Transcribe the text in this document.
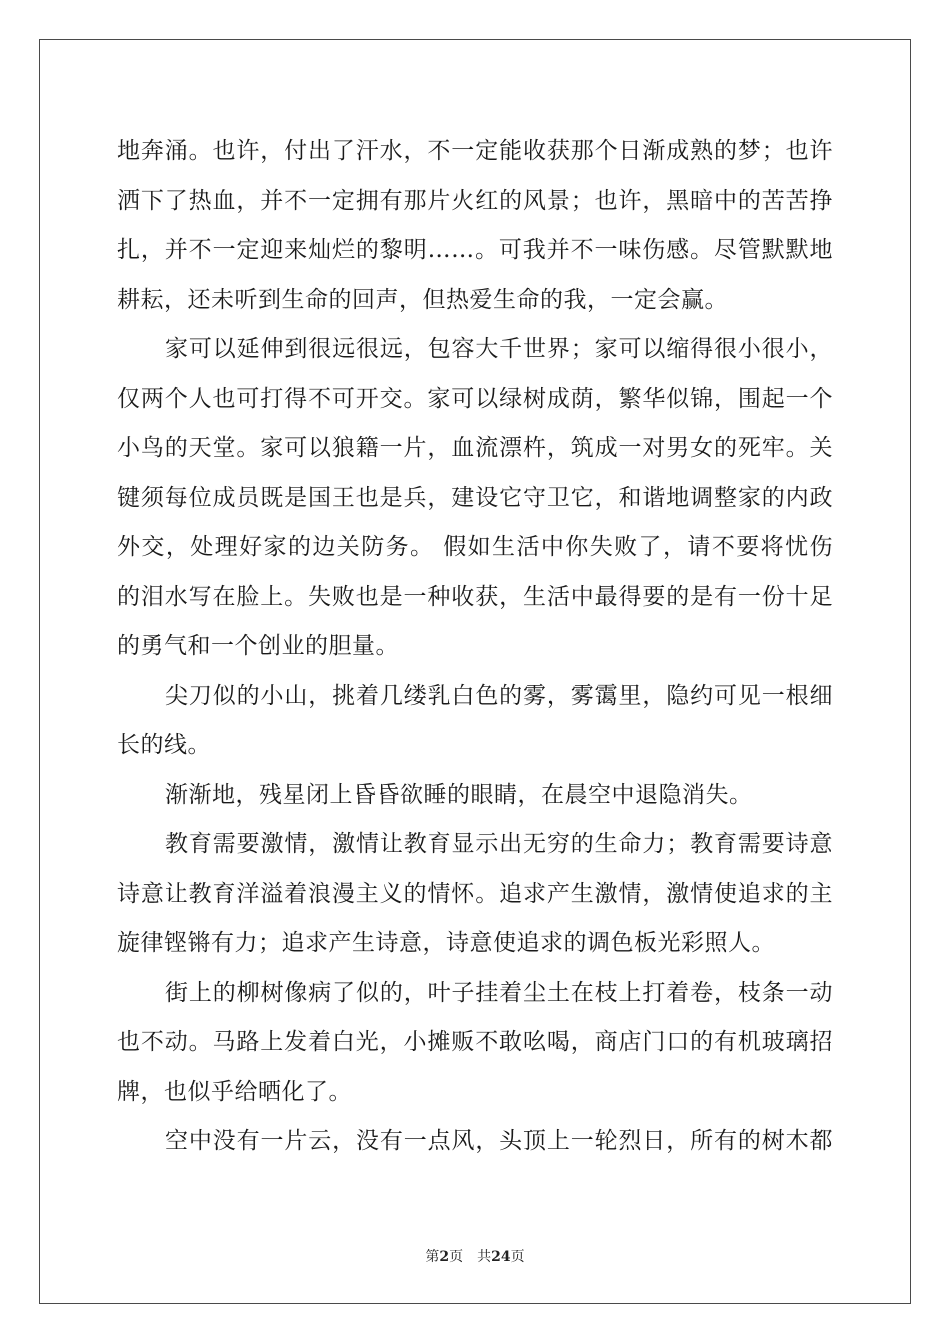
地奔涌。也许，付出了汗水，不一定能收获那个日渐成熟的梦；也许
洒下了热血，并不一定拥有那片火红的风景；也许，黑暗中的苦苦挣
扎，并不一定迎来灿烂的黎明……。可我并不一味伤感。尽管默默地
耕耘，还未听到生命的回声，但热爱生命的我，一定会赢。
家可以延伸到很远很远，包容大千世界；家可以缩得很小很小，
仅两个人也可打得不可开交。家可以绿树成荫，繁华似锦，围起一个
小鸟的天堂。家可以狼籍一片，血流漂杵，筑成一对男女的死牢。关
键须每位成员既是国王也是兵，建设它守卫它，和谐地调整家的内政
外交，处理好家的边关防务。 假如生活中你失败了，请不要将忧伤
的泪水写在脸上。失败也是一种收获，生活中最得要的是有一份十足
的勇气和一个创业的胆量。
尖刀似的小山，挑着几缕乳白色的雾，雾霭里，隐约可见一根细
长的线。
渐渐地，残星闭上昏昏欲睡的眼睛，在晨空中退隐消失。
教育需要激情，激情让教育显示出无穷的生命力；教育需要诗意
诗意让教育洋溢着浪漫主义的情怀。追求产生激情，激情使追求的主
旋律铿锵有力；追求产生诗意，诗意使追求的调色板光彩照人。
街上的柳树像病了似的，叶子挂着尘土在枝上打着卷，枝条一动
也不动。马路上发着白光，小摊贩不敢吆喝，商店门口的有机玻璃招
牌，也似乎给晒化了。
空中没有一片云，没有一点风，头顶上一轮烈日，所有的树木都
第2页 共24页
